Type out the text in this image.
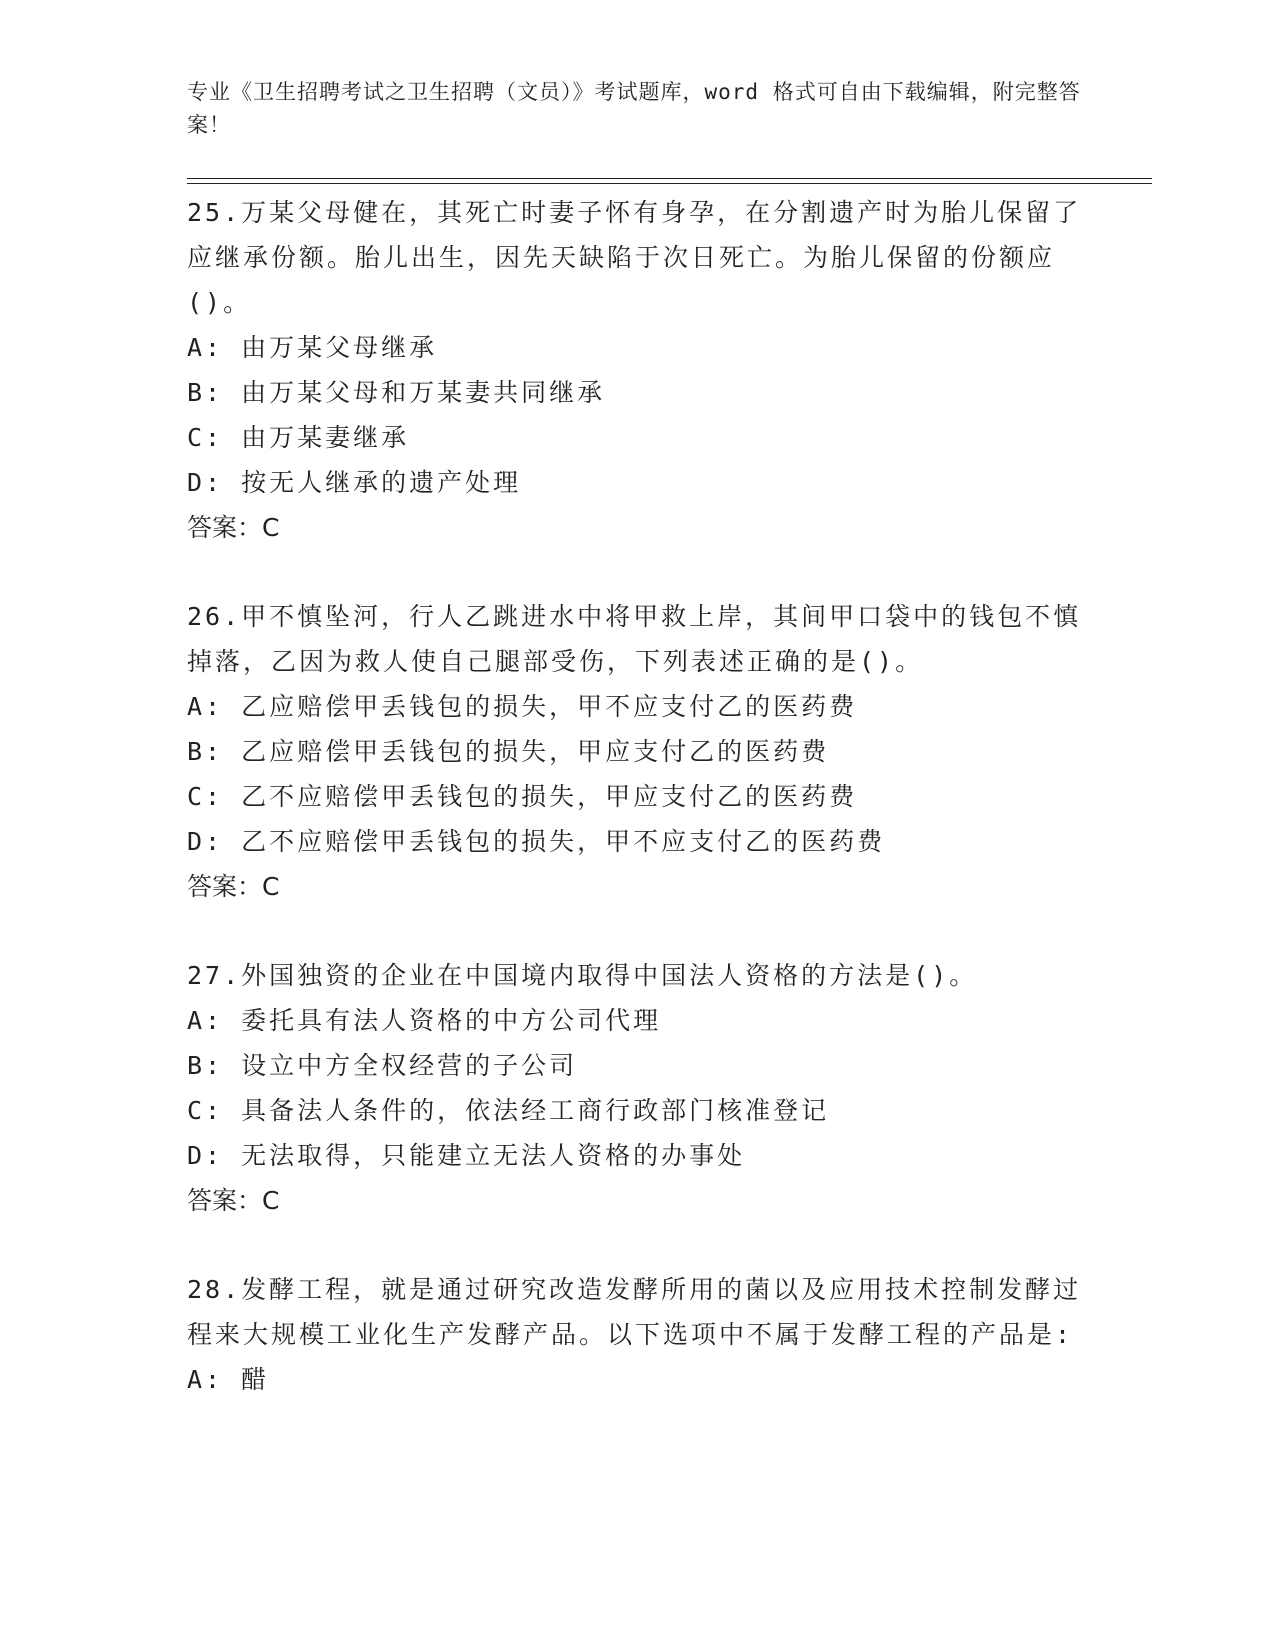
专业《卫生招聘考试之卫生招聘（文员）》考试题库，word 格式可自由下载编辑，附完整答案！

25.万某父母健在，其死亡时妻子怀有身孕，在分割遗产时为胎儿保留了应继承份额。胎儿出生，因先天缺陷于次日死亡。为胎儿保留的份额应()。

A: 由万某父母继承

B: 由万某父母和万某妻共同继承

C: 由万某妻继承

D: 按无人继承的遗产处理

答案：C

26.甲不慎坠河，行人乙跳进水中将甲救上岸，其间甲口袋中的钱包不慎掉落，乙因为救人使自己腿部受伤，下列表述正确的是()。

A: 乙应赔偿甲丢钱包的损失，甲不应支付乙的医药费

B: 乙应赔偿甲丢钱包的损失，甲应支付乙的医药费

C: 乙不应赔偿甲丢钱包的损失，甲应支付乙的医药费

D: 乙不应赔偿甲丢钱包的损失，甲不应支付乙的医药费

答案：C

27.外国独资的企业在中国境内取得中国法人资格的方法是()。

A: 委托具有法人资格的中方公司代理

B: 设立中方全权经营的子公司

C: 具备法人条件的，依法经工商行政部门核准登记

D: 无法取得，只能建立无法人资格的办事处

答案：C

28.发酵工程，就是通过研究改造发酵所用的菌以及应用技术控制发酵过程来大规模工业化生产发酵产品。以下选项中不属于发酵工程的产品是:

A: 醋
